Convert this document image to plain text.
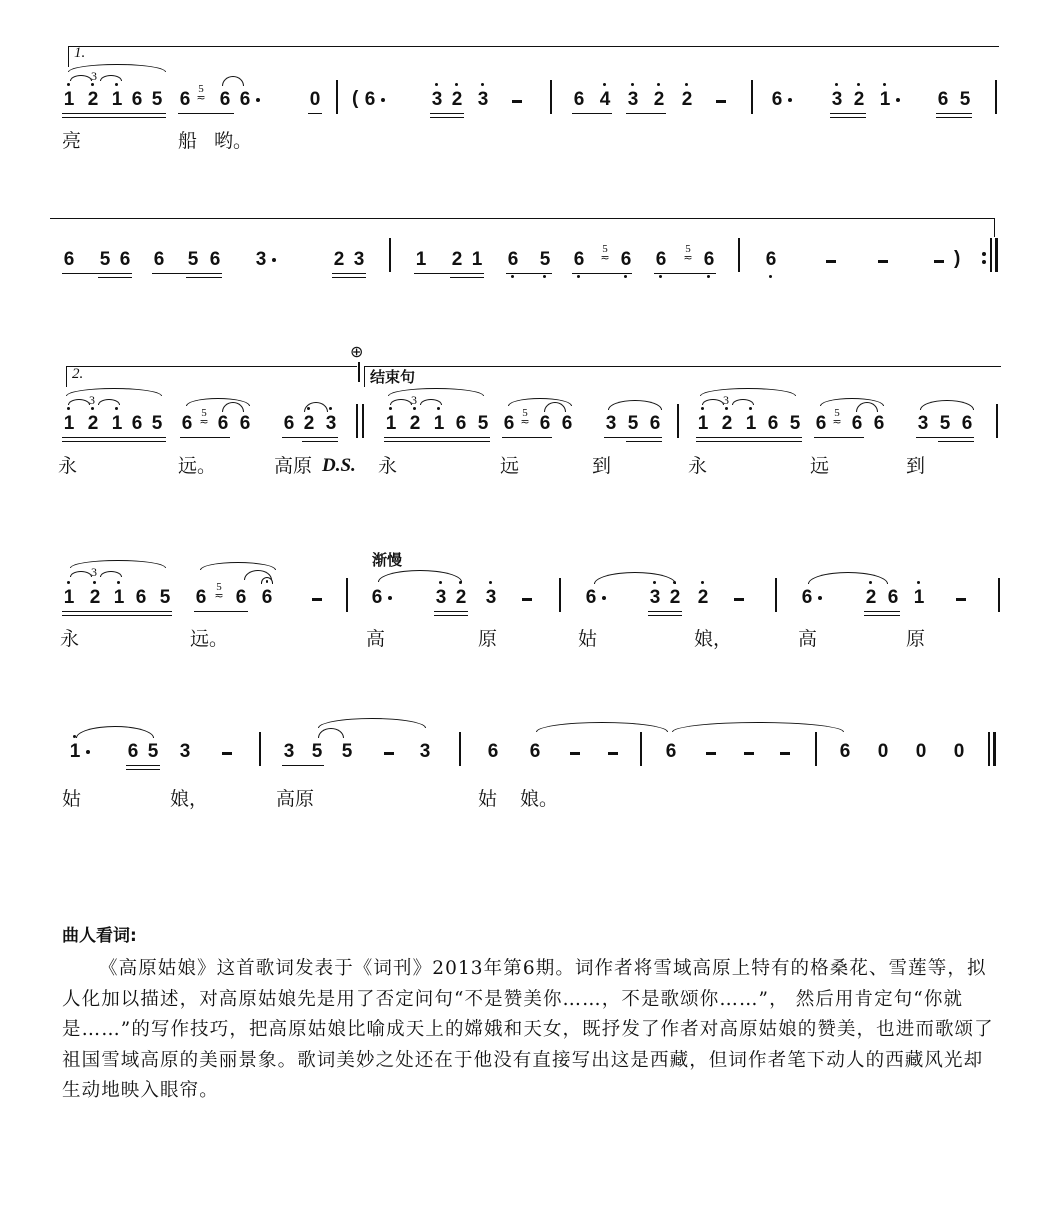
1.
3
1 2 1 6 5 6 5
≂ 6 6	0 ( 6	3 2 3	6 4 3 2 2	6	3 2 1 6 5
亮	船 哟。
6 5 6 6 5 6 3	2 3	1 2 1 6 5 6 5
≂ 6 6 5
≂ 6	6	)
⊕
2.	结束句
3
1 2 1 6 5 6 5
≂ 6 6 6 2 3
3
1 2 1 6 5 6 5
≂ 6 6 3 5 6
3
1 2 1 6 5 6 5
≂ 6 6 3 5 6
永	远。	高原 D.S. 永	远	到	永	远	到
渐慢
3
1 2 1 6 5 6 5
≂ 6 6	6	3 2 3	6	3 2 2	6	2 6 1
永	远。	高	原	姑	娘，	高	原
1 6 5 3	3 5 5	3	6 6	6	6 0 0 0
姑	娘，	高原	姑 娘。
曲人看词:

《高原姑娘》这首歌词发表于《词刊》2013年第6期。词作者将雪域高原上特有的格桑花、雪莲等，拟人化加以描述，对高原姑娘先是用了否定问句“不是赞美你……，不是歌颂你……”， 然后用肯定句“你就是……”的写作技巧，把高原姑娘比喻成天上的嫦娥和天女，既抒发了作者对高原姑娘的赞美，也进而歌颂了祖国雪域高原的美丽景象。歌词美妙之处还在于他没有直接写出这是西藏，但词作者笔下动人的西藏风光却生动地映入眼帘。
